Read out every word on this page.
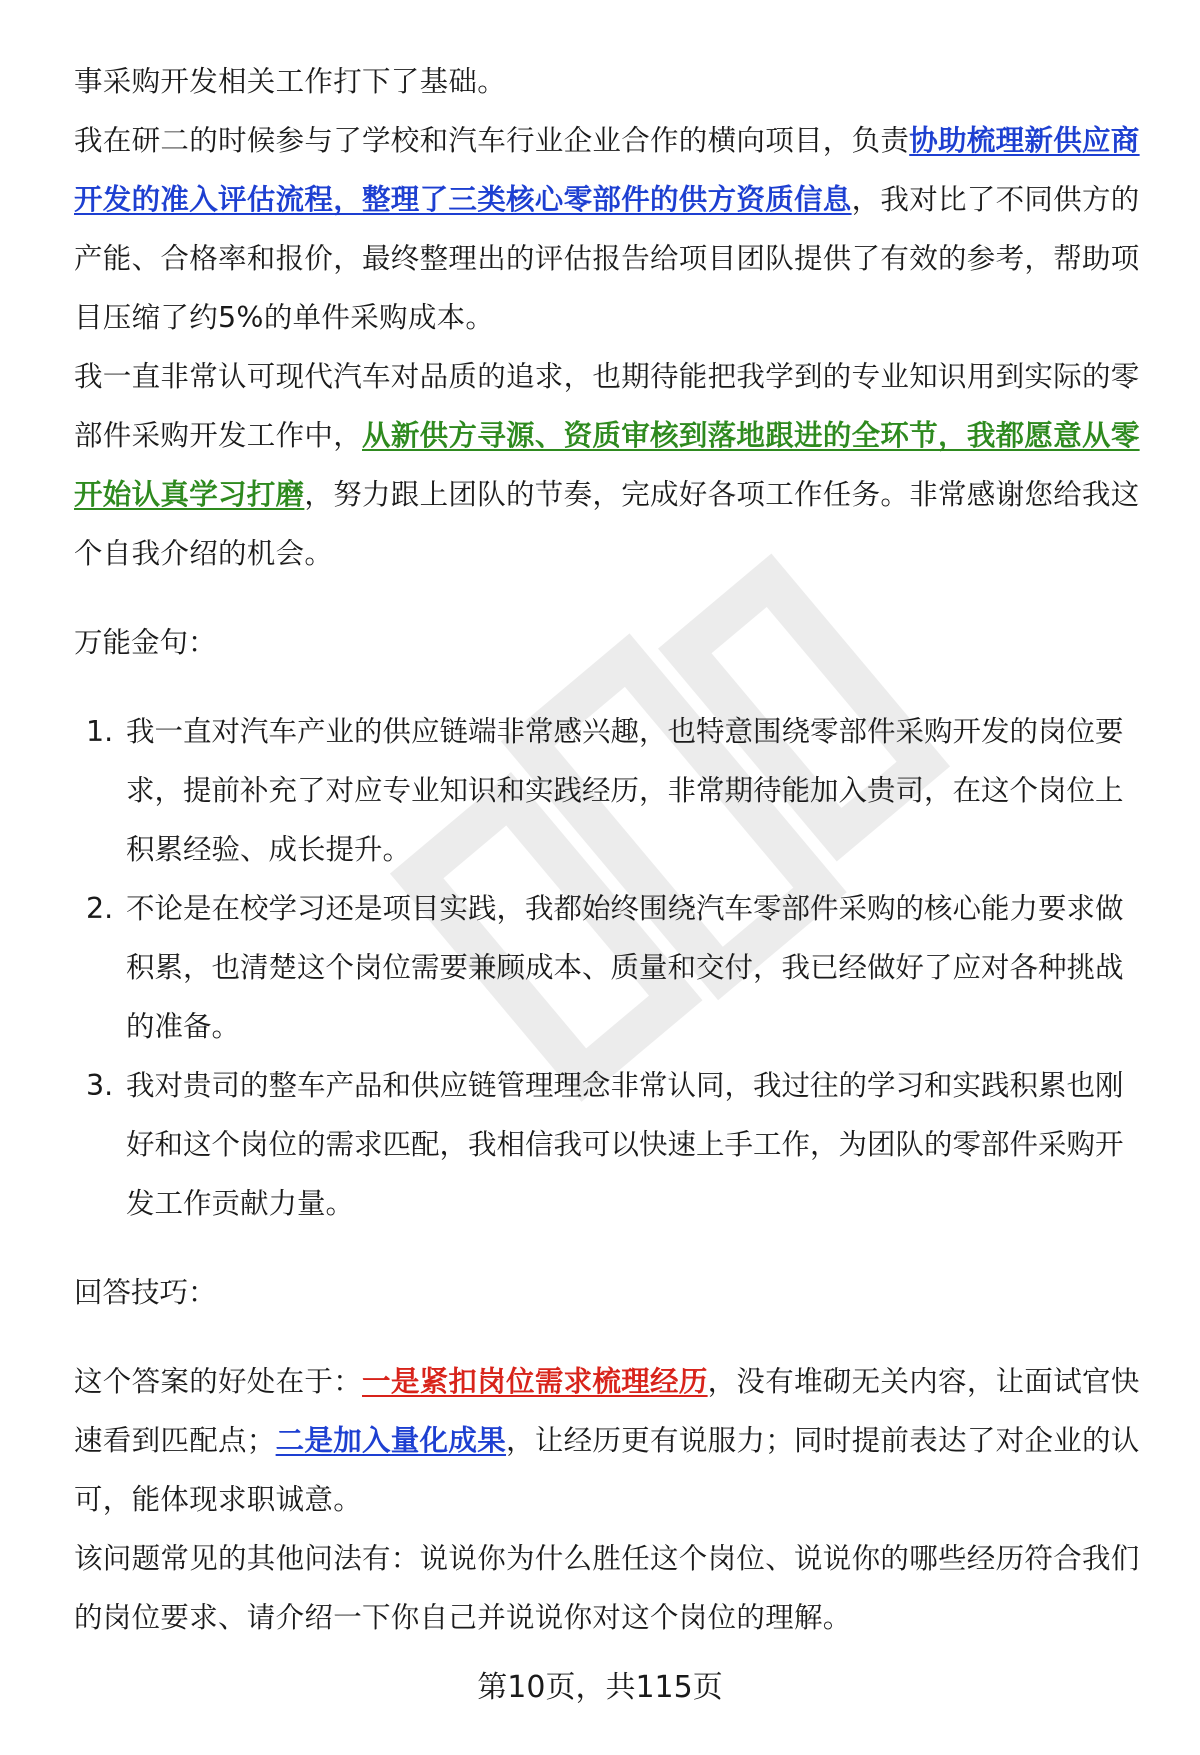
事采购开发相关工作打下了基础。

我在研二的时候参与了学校和汽车行业企业合作的横向项目，负责协助梳理新供应商开发的准入评估流程，整理了三类核心零部件的供方资质信息，我对比了不同供方的产能、合格率和报价，最终整理出的评估报告给项目团队提供了有效的参考，帮助项目压缩了约5%的单件采购成本。

我一直非常认可现代汽车对品质的追求，也期待能把我学到的专业知识用到实际的零部件采购开发工作中，从新供方寻源、资质审核到落地跟进的全环节，我都愿意从零开始认真学习打磨，努力跟上团队的节奏，完成好各项工作任务。非常感谢您给我这个自我介绍的机会。

万能金句：

1. 我一直对汽车产业的供应链端非常感兴趣，也特意围绕零部件采购开发的岗位要求，提前补充了对应专业知识和实践经历，非常期待能加入贵司，在这个岗位上积累经验、成长提升。
2. 不论是在校学习还是项目实践，我都始终围绕汽车零部件采购的核心能力要求做积累，也清楚这个岗位需要兼顾成本、质量和交付，我已经做好了应对各种挑战的准备。
3. 我对贵司的整车产品和供应链管理理念非常认同，我过往的学习和实践积累也刚好和这个岗位的需求匹配，我相信我可以快速上手工作，为团队的零部件采购开发工作贡献力量。

回答技巧：

这个答案的好处在于：一是紧扣岗位需求梳理经历，没有堆砌无关内容，让面试官快速看到匹配点；二是加入量化成果，让经历更有说服力；同时提前表达了对企业的认可，能体现求职诚意。

该问题常见的其他问法有：说说你为什么胜任这个岗位、说说你的哪些经历符合我们的岗位要求、请介绍一下你自己并说说你对这个岗位的理解。

第10页，共115页
